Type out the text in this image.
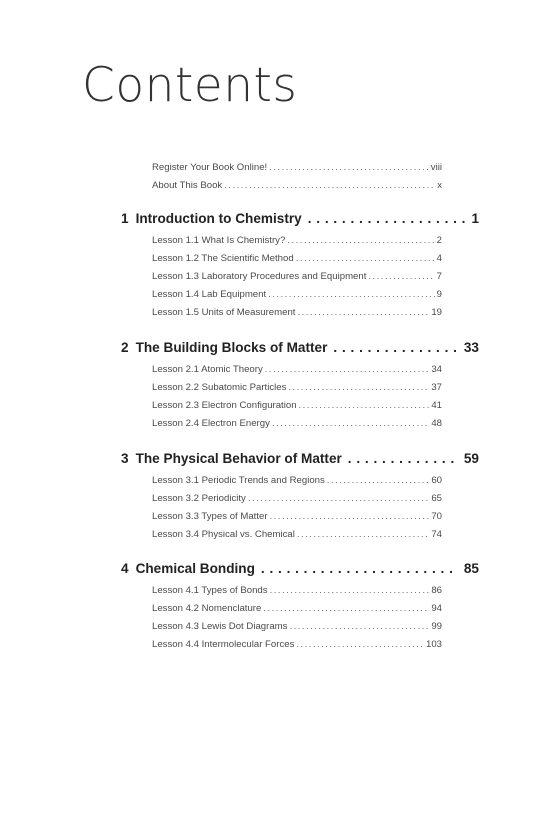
Contents
Register Your Book Online! . . .	viii
About This Book . . .	x
1 Introduction to Chemistry . . .	1
Lesson 1.1 What Is Chemistry? . . .	2
Lesson 1.2 The Scientific Method . . .	4
Lesson 1.3 Laboratory Procedures and Equipment . . .	7
Lesson 1.4 Lab Equipment . . .	9
Lesson 1.5 Units of Measurement . . .	19
2 The Building Blocks of Matter . . .	33
Lesson 2.1 Atomic Theory . . .	34
Lesson 2.2 Subatomic Particles . . .	37
Lesson 2.3 Electron Configuration . . .	41
Lesson 2.4 Electron Energy . . .	48
3 The Physical Behavior of Matter . . .	59
Lesson 3.1 Periodic Trends and Regions . . .	60
Lesson 3.2 Periodicity . . .	65
Lesson 3.3 Types of Matter . . .	70
Lesson 3.4 Physical vs. Chemical . . .	74
4 Chemical Bonding . . .	85
Lesson 4.1 Types of Bonds . . .	86
Lesson 4.2 Nomenclature . . .	94
Lesson 4.3 Lewis Dot Diagrams . . .	99
Lesson 4.4 Intermolecular Forces . . .	103
